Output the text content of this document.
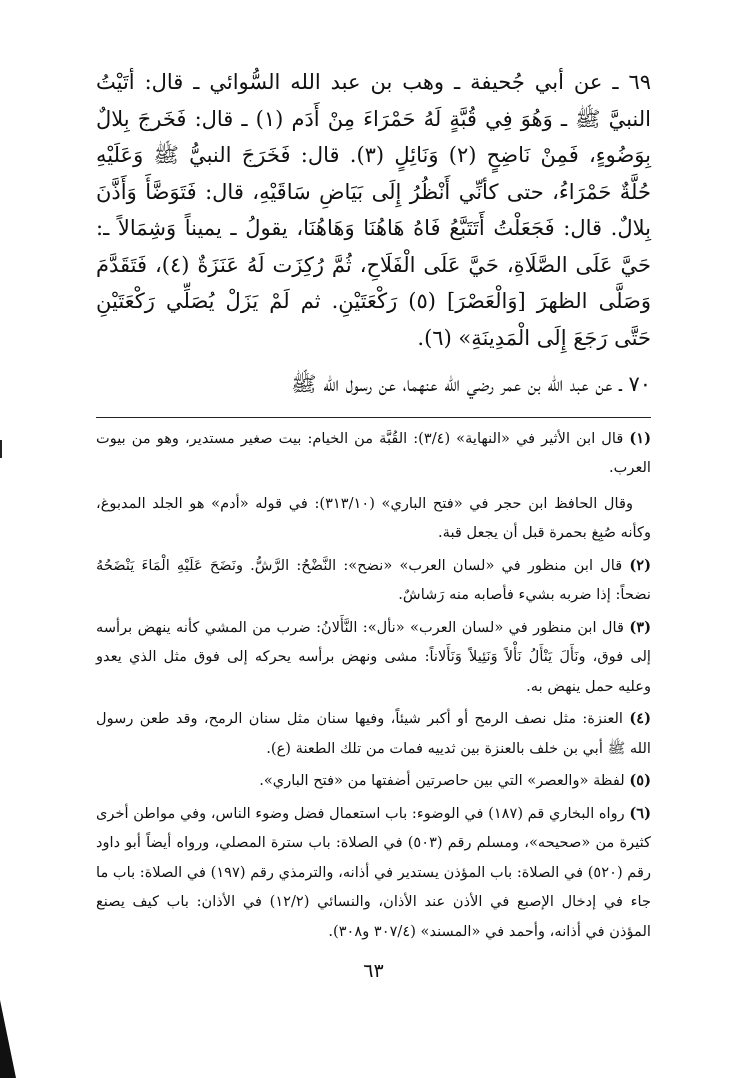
٦٩ ـ عن أبي جُحيفة ـ وهب بن عبد الله السُّوائي ـ قال: أتَيْتُ النبيَّ ﷺ ـ وَهُوَ فِي قُبَّةٍ لَهُ حَمْرَاءَ مِنْ أَدَم (١) ـ قال: فَخَرجَ بِلالٌ بِوَضُوءٍ، فَمِنْ نَاضِحٍ (٢) وَنَائِلٍ (٣). قال: فَخَرَجَ النبيُّ ﷺ وَعَلَيْهِ حُلَّةٌ حَمْرَاءُ، حتى كأنِّي أَنْظُرُ إِلَى بَيَاضِ سَاقَيْهِ، قال: فَتَوَضَّأَ وَأَذَّنَ بِلالٌ. قال: فَجَعَلْتُ أَتَتَبَّعُ فَاهُ هَاهُنَا وَهَاهُنَا، يقولُ ـ يميناً وَشِمَالاً ـ: حَيَّ عَلَى الصَّلَاةِ، حَيَّ عَلَى الْفَلَاحِ، ثُمَّ رُكِزَت لَهُ عَنَزَةٌ (٤)، فَتَقَدَّمَ وَصَلَّى الظهرَ [وَالْعَصْرَ] (٥) رَكْعَتَيْنِ. ثم لَمْ يَزَلْ يُصَلِّي رَكْعَتَيْنِ حَتَّى رَجَعَ إِلَى الْمَدِينَةِ» (٦).

٧٠ ـ عن عبد الله بن عمر رضي الله عنهما، عن رسول الله ﷺ

(١) قال ابن الأثير في «النهاية» (٣/٤): القُبَّة من الخيام: بيت صغير مستدير، وهو من بيوت العرب.
وقال الحافظ ابن حجر في «فتح الباري» (٣١٣/١٠): في قوله «أدم» هو الجلد المدبوغ، وكأنه صُبِغ بحمرة قبل أن يجعل قبة.
(٢) قال ابن منظور في «لسان العرب» «نضح»: النَّضْحُ: الرَّشُّ. ونَضَحَ عَلَيْهِ الْمَاءَ يَنْضَحُهُ نضحاً: إذا ضربه بشيء فأصابه منه رَشاشٌ.
(٣) قال ابن منظور في «لسان العرب» «نأل»: النَّأَلانُ: ضرب من المشي كأنه ينهض برأسه إلى فوق، ونَأَلَ يَنْأَلُ نَأْلاً وَنَئِيلاً وَنَأَلاناً: مشى ونهض برأسه يحركه إلى فوق مثل الذي يعدو وعليه حمل ينهض به.
(٤) العنزة: مثل نصف الرمح أو أكبر شيئاً، وفيها سنان مثل سنان الرمح، وقد طعن رسول الله ﷺ أبي بن خلف بالعنزة بين ثدييه فمات من تلك الطعنة (ع).
(٥) لفظة «والعصر» التي بين حاصرتين أضفتها من «فتح الباري».
(٦) رواه البخاري قم (١٨٧) في الوضوء: باب استعمال فضل وضوء الناس، وفي مواطن أخرى كثيرة من «صحيحه»، ومسلم رقم (٥٠٣) في الصلاة: باب سترة المصلي، ورواه أيضاً أبو داود رقم (٥٢٠) في الصلاة: باب المؤذن يستدير في أذانه، والترمذي رقم (١٩٧) في الصلاة: باب ما جاء في إدخال الإصبع في الأذن عند الأذان، والنسائي (١٢/٢) في الأذان: باب كيف يصنع المؤذن في أذانه، وأحمد في «المسند» (٣٠٧/٤ و٣٠٨).
٦٣
